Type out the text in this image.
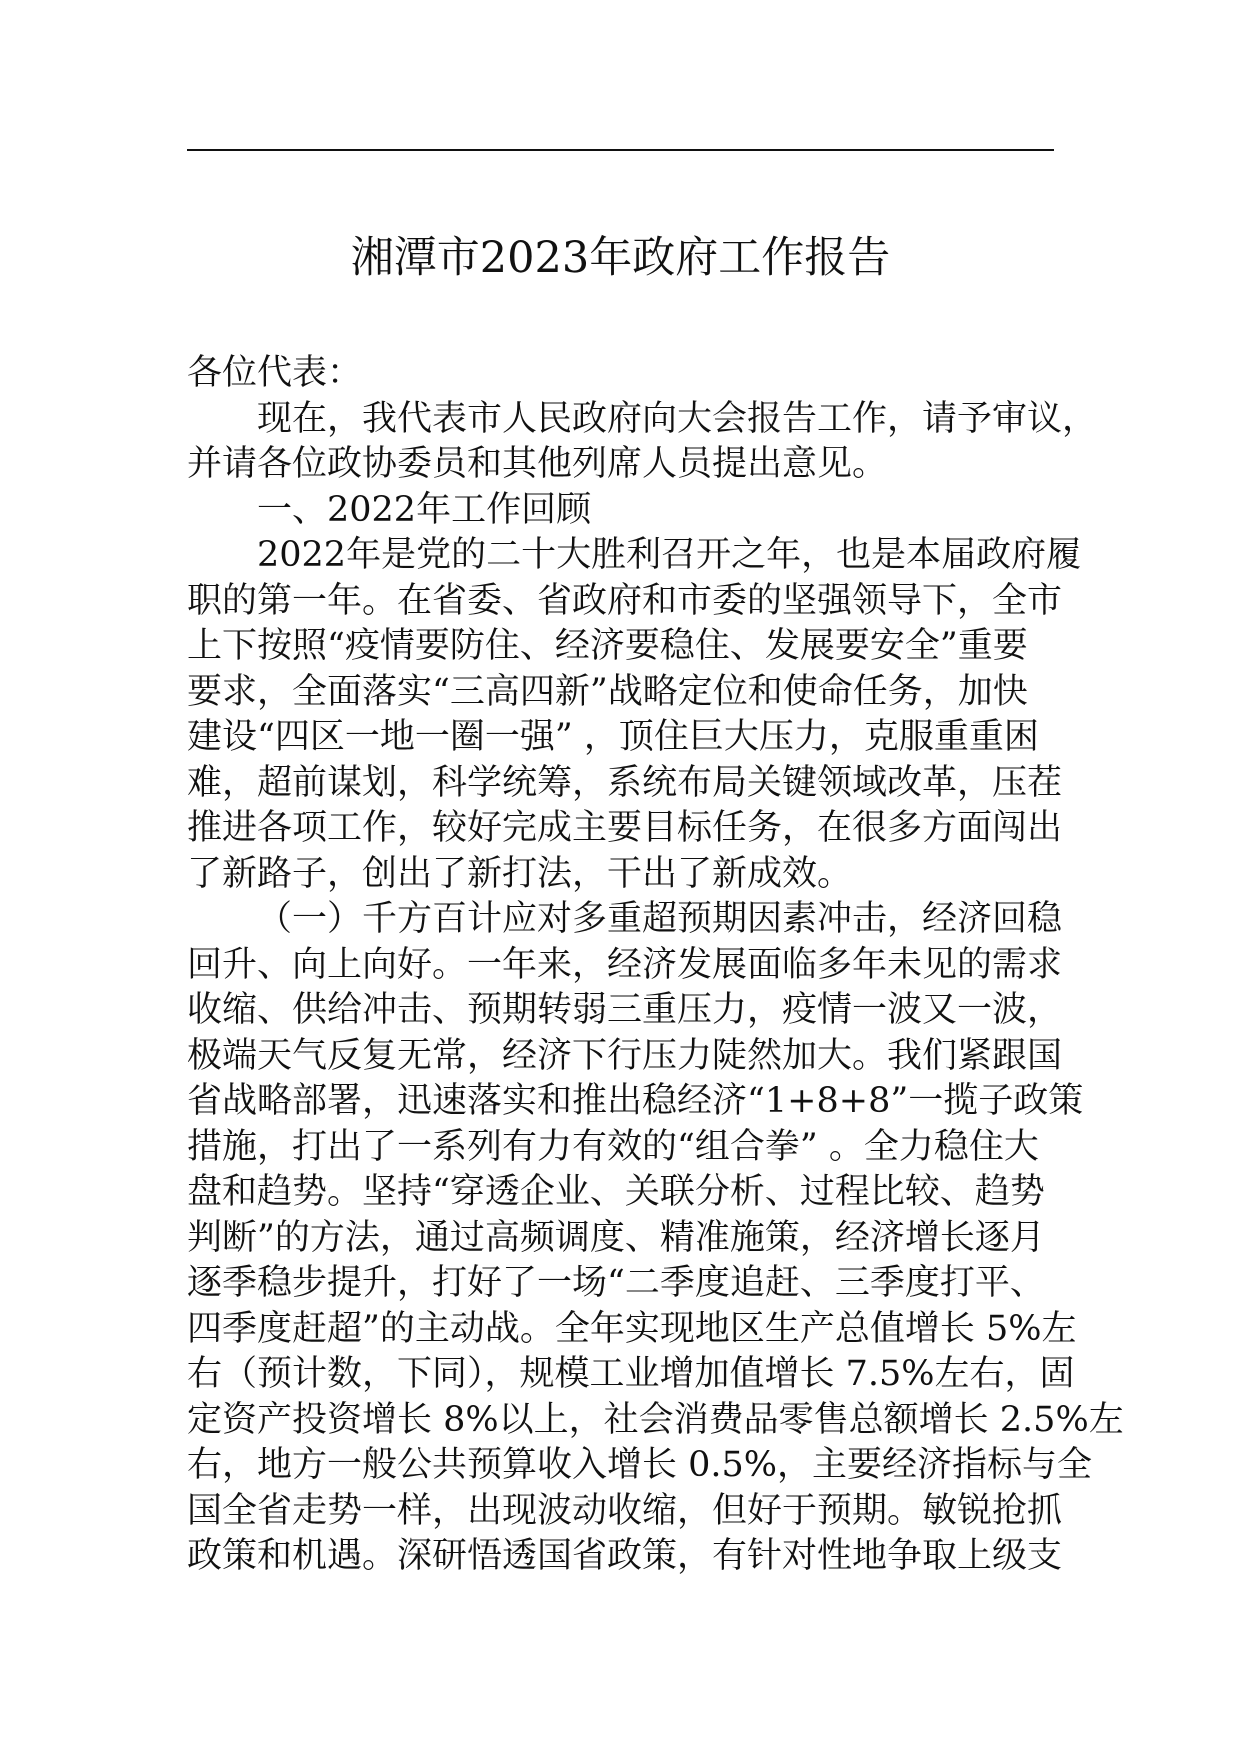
湘潭市2023年政府工作报告
各位代表：
现在，我代表市人民政府向大会报告工作，请予审议，
并请各位政协委员和其他列席人员提出意见。
一、2022年工作回顾
2022年是党的二十大胜利召开之年，也是本届政府履
职的第一年。在省委、省政府和市委的坚强领导下，全市
上下按照“疫情要防住、经济要稳住、发展要安全”重要
要求，全面落实“三高四新”战略定位和使命任务，加快
建设“四区一地一圈一强” ，顶住巨大压力，克服重重困
难，超前谋划，科学统筹，系统布局关键领域改革，压茬
推进各项工作，较好完成主要目标任务，在很多方面闯出
了新路子，创出了新打法，干出了新成效。
（一）千方百计应对多重超预期因素冲击，经济回稳
回升、向上向好。一年来，经济发展面临多年未见的需求
收缩、供给冲击、预期转弱三重压力，疫情一波又一波，
极端天气反复无常，经济下行压力陡然加大。我们紧跟国
省战略部署，迅速落实和推出稳经济“1+8+8”一揽子政策
措施，打出了一系列有力有效的“组合拳” 。全力稳住大
盘和趋势。坚持“穿透企业、关联分析、过程比较、趋势
判断”的方法，通过高频调度、精准施策，经济增长逐月
逐季稳步提升，打好了一场“二季度追赶、三季度打平、
四季度赶超”的主动战。全年实现地区生产总值增长 5%左
右（预计数，下同），规模工业增加值增长 7.5%左右，固
定资产投资增长 8%以上，社会消费品零售总额增长 2.5%左
右，地方一般公共预算收入增长 0.5%，主要经济指标与全
国全省走势一样，出现波动收缩，但好于预期。敏锐抢抓
政策和机遇。深研悟透国省政策，有针对性地争取上级支
